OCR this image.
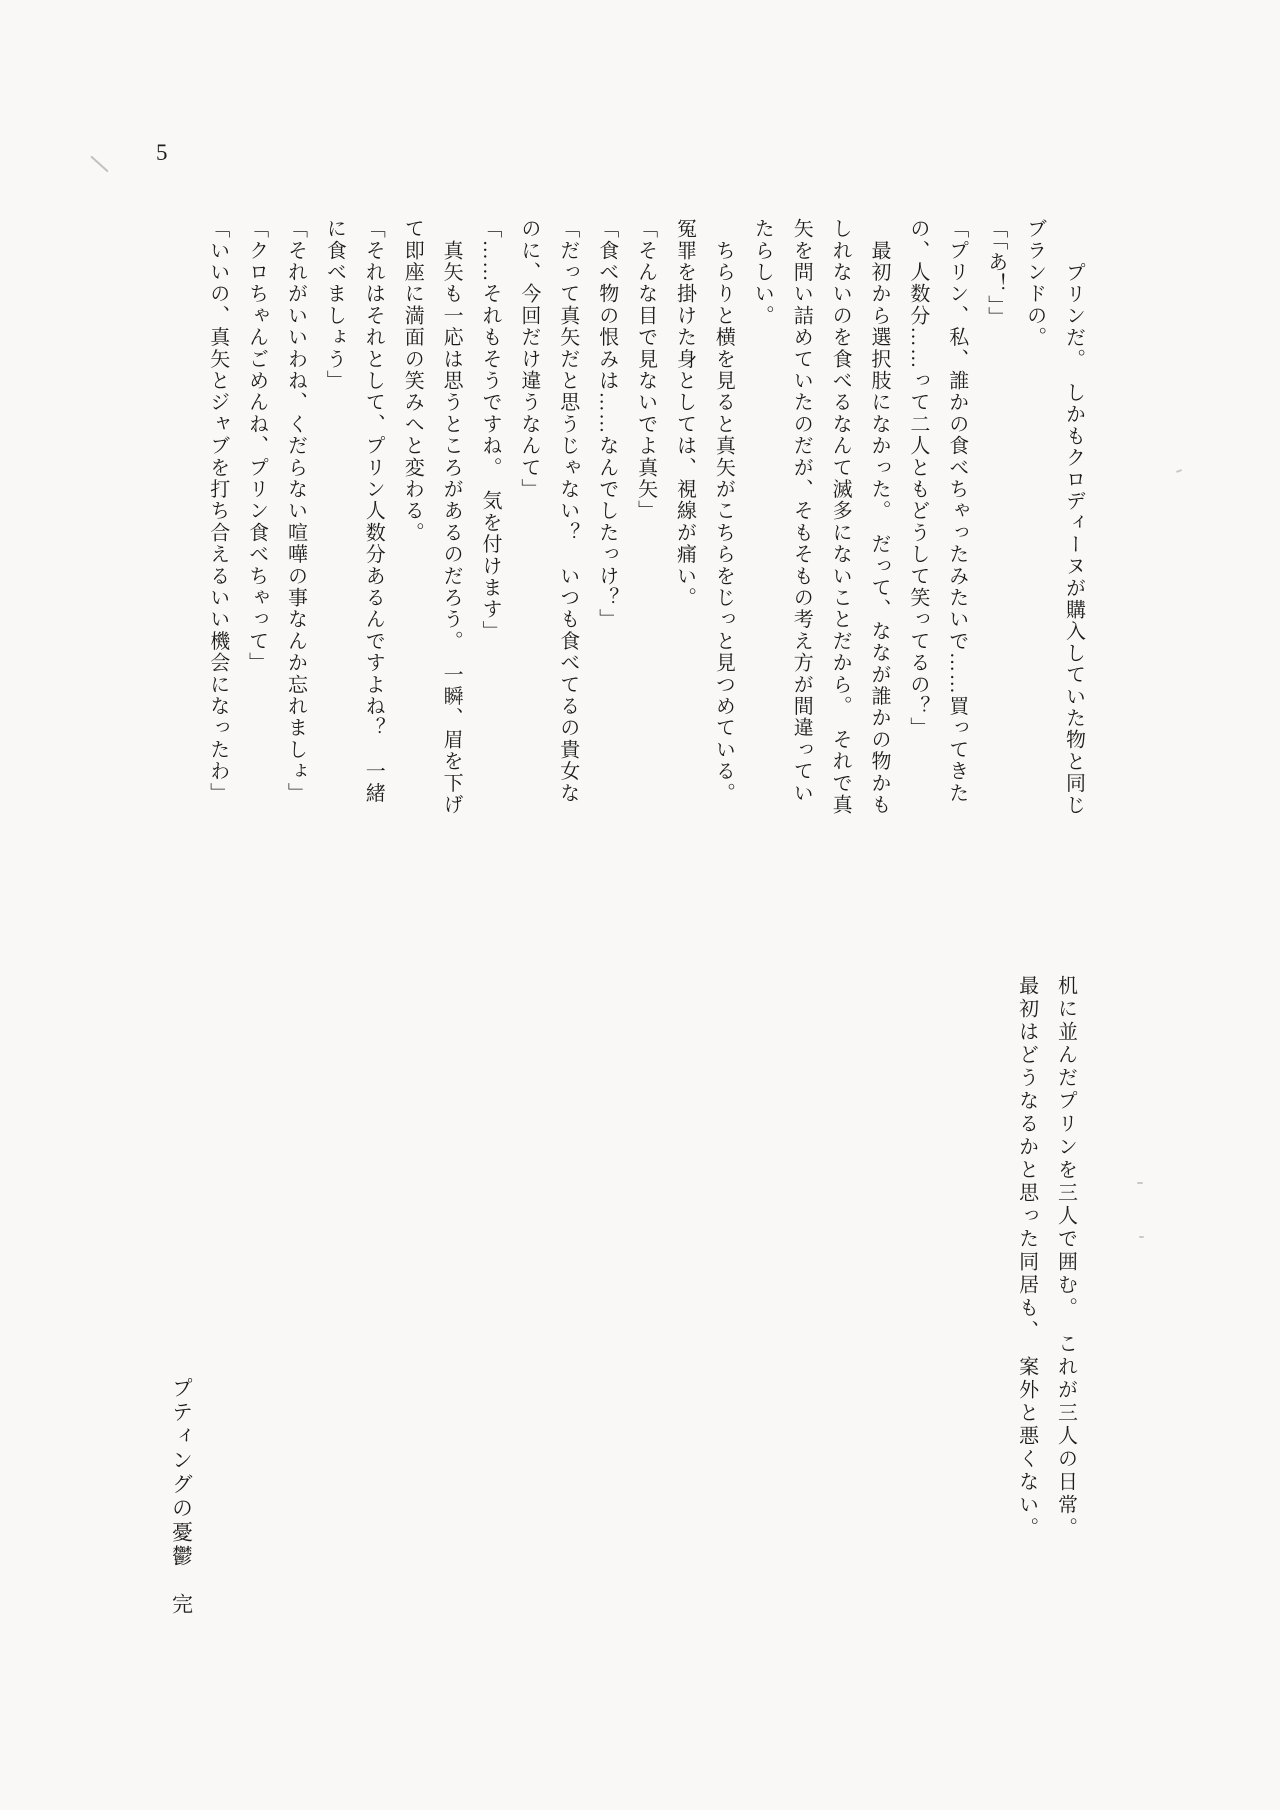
5
　プリンだ。　しかもクロディーヌが購入していた物と同じ
ブランドの。
「「あ！」」
「プリン、私、誰かの食べちゃったみたいで……買ってきた
の、人数分……って二人ともどうして笑ってるの？」
　最初から選択肢になかった。　だって、ななが誰かの物かも
しれないのを食べるなんて滅多にないことだから。　それで真
矢を問い詰めていたのだが、そもそもの考え方が間違ってい
たらしい。
　ちらりと横を見ると真矢がこちらをじっと見つめている。
冤罪を掛けた身としては、視線が痛い。
「そんな目で見ないでよ真矢」
「食べ物の恨みは……なんでしたっけ？」
「だって真矢だと思うじゃない？　いつも食べてるの貴女な
のに、今回だけ違うなんて」
「……それもそうですね。　気を付けます」
　真矢も一応は思うところがあるのだろう。　一瞬、眉を下げ
て即座に満面の笑みへと変わる。
「それはそれとして、プリン人数分あるんですよね？　一緒
に食べましょう」
「それがいいわね、くだらない喧嘩の事なんか忘れましょ」
「クロちゃんごめんね、プリン食べちゃって」
「いいの、真矢とジャブを打ち合えるいい機会になったわ」
机に並んだプリンを三人で囲む。　これが三人の日常。
最初はどうなるかと思った同居も、　案外と悪くない。
プティングの憂鬱　完
